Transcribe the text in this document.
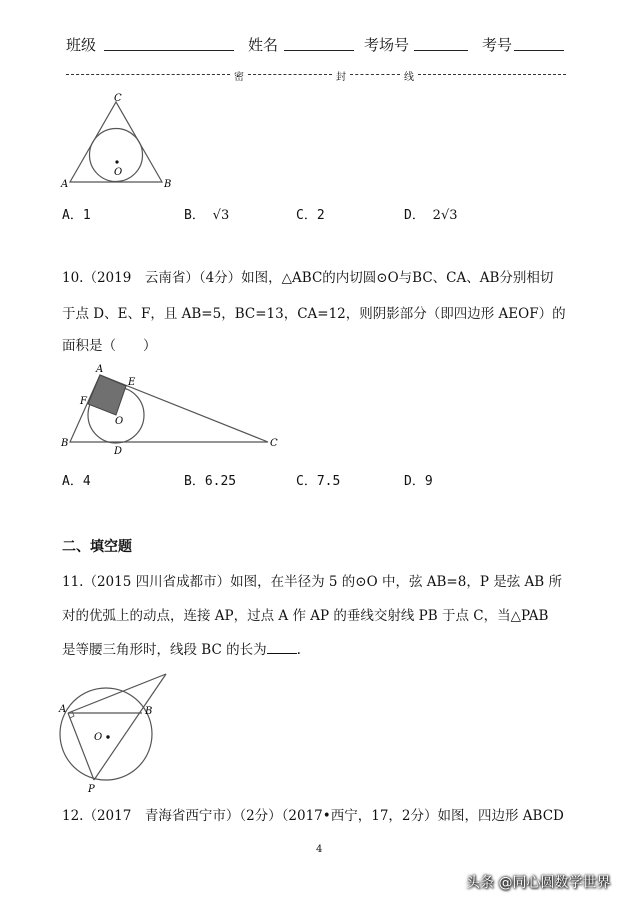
班级	姓名	考场号	考号
密	封	线
C
A	B
O
A．1	B． √3	C．2	D． 2√3
10.（2019　云南省）（4分）如图，△ABC的内切圆⊙O与BC、CA、AB分别相切
于点 D、E、F，且 AB=5，BC=13，CA=12，则阴影部分（即四边形 AEOF）的
面积是（　　）
A
E
F
O
B
D
C
A．4	B．6.25	C．7.5	D．9
二、填空题
11.（2015 四川省成都市）如图，在半径为 5 的⊙O 中，弦 AB=8，P 是弦 AB 所
对的优弧上的动点，连接 AP，过点 A 作 AP 的垂线交射线 PB 于点 C，当△PAB
是等腰三角形时，线段 BC 的长为 .
A	B
O
P
12.（2017　青海省西宁市）（2分）（2017•西宁，17，2分）如图，四边形 ABCD
4
头条 @同心圆数学世界
